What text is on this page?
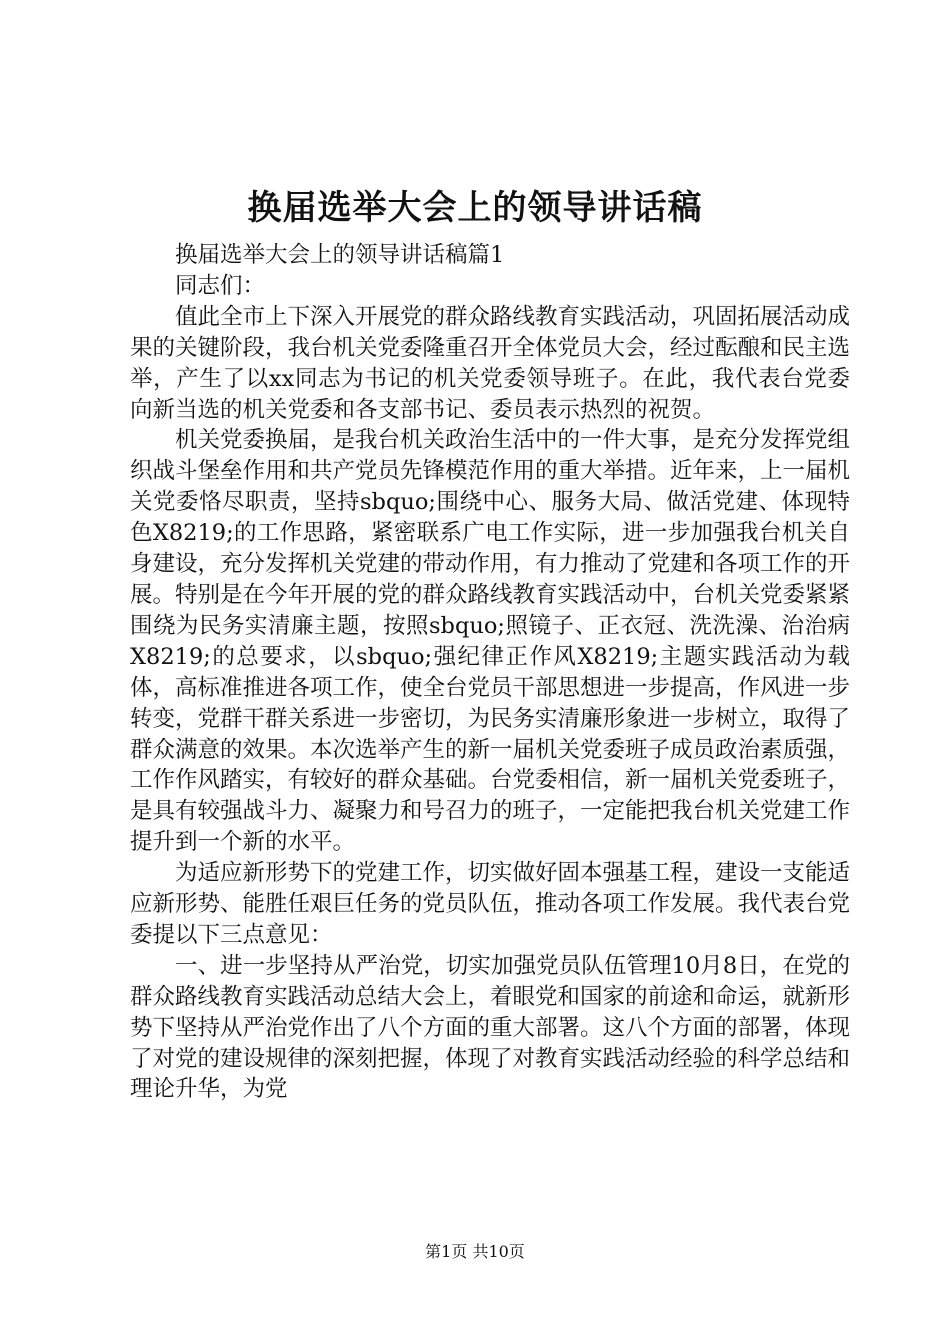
换届选举大会上的领导讲话稿

换届选举大会上的领导讲话稿篇1

同志们：

值此全市上下深入开展党的群众路线教育实践活动，巩固拓展活动成果的关键阶段，我台机关党委隆重召开全体党员大会，经过酝酿和民主选举，产生了以xx同志为书记的机关党委领导班子。在此，我代表台党委向新当选的机关党委和各支部书记、委员表示热烈的祝贺。

机关党委换届，是我台机关政治生活中的一件大事，是充分发挥党组织战斗堡垒作用和共产党员先锋模范作用的重大举措。近年来，上一届机关党委恪尽职责，坚持sbquo;围绕中心、服务大局、做活党建、体现特色X8219;的工作思路，紧密联系广电工作实际，进一步加强我台机关自身建设，充分发挥机关党建的带动作用，有力推动了党建和各项工作的开展。特别是在今年开展的党的群众路线教育实践活动中，台机关党委紧紧围绕为民务实清廉主题，按照sbquo;照镜子、正衣冠、洗洗澡、治治病X8219;的总要求，以sbquo;强纪律正作风X8219;主题实践活动为载体，高标准推进各项工作，使全台党员干部思想进一步提高，作风进一步转变，党群干群关系进一步密切，为民务实清廉形象进一步树立，取得了群众满意的效果。本次选举产生的新一届机关党委班子成员政治素质强，工作作风踏实，有较好的群众基础。台党委相信，新一届机关党委班子，是具有较强战斗力、凝聚力和号召力的班子，一定能把我台机关党建工作提升到一个新的水平。

为适应新形势下的党建工作，切实做好固本强基工程，建设一支能适应新形势、能胜任艰巨任务的党员队伍，推动各项工作发展。我代表台党委提以下三点意见：

一、进一步坚持从严治党，切实加强党员队伍管理10月8日，在党的群众路线教育实践活动总结大会上，着眼党和国家的前途和命运，就新形势下坚持从严治党作出了八个方面的重大部署。这八个方面的部署，体现了对党的建设规律的深刻把握，体现了对教育实践活动经验的科学总结和理论升华，为党

第1页 共10页
